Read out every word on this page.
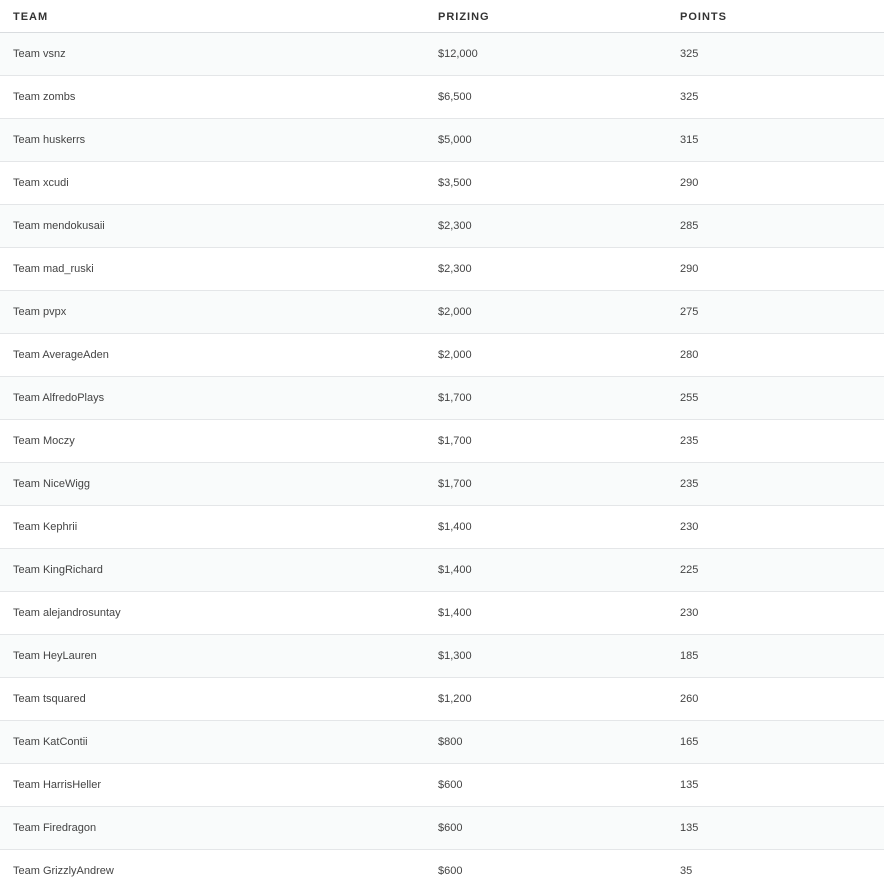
TEAM	PRIZING	POINTS
Team vsnz	$12,000	325
Team zombs	$6,500	325
Team huskerrs	$5,000	315
Team xcudi	$3,500	290
Team mendokusaii	$2,300	285
Team mad_ruski	$2,300	290
Team pvpx	$2,000	275
Team AverageAden	$2,000	280
Team AlfredoPlays	$1,700	255
Team Moczy	$1,700	235
Team NiceWigg	$1,700	235
Team Kephrii	$1,400	230
Team KingRichard	$1,400	225
Team alejandrosuntay	$1,400	230
Team HeyLauren	$1,300	185
Team tsquared	$1,200	260
Team KatContii	$800	165
Team HarrisHeller	$600	135
Team Firedragon	$600	135
Team GrizzlyAndrew	$600	35
